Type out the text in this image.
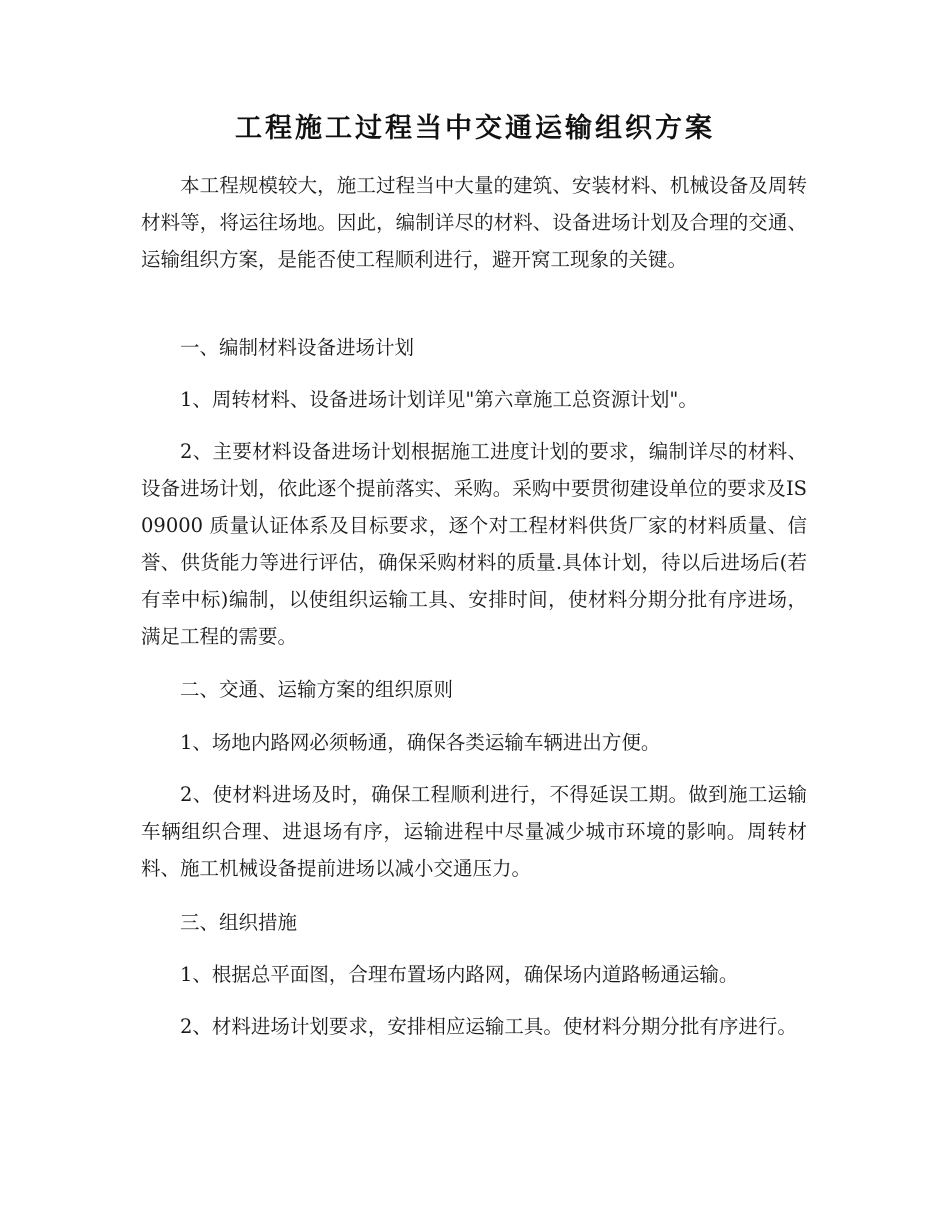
工程施工过程当中交通运输组织方案

本工程规模较大，施工过程当中大量的建筑、安装材料、机械设备及周转材料等，将运往场地。因此，编制详尽的材料、设备进场计划及合理的交通、运输组织方案，是能否使工程顺利进行，避开窝工现象的关键。

一、编制材料设备进场计划

1、周转材料、设备进场计划详见"第六章施工总资源计划"。

2、主要材料设备进场计划根据施工进度计划的要求，编制详尽的材料、设备进场计划，依此逐个提前落实、采购。采购中要贯彻建设单位的要求及IS09000 质量认证体系及目标要求，逐个对工程材料供货厂家的材料质量、信誉、供货能力等进行评估，确保采购材料的质量.具体计划，待以后进场后(若有幸中标)编制，以使组织运输工具、安排时间，使材料分期分批有序进场，满足工程的需要。

二、交通、运输方案的组织原则

1、场地内路网必须畅通，确保各类运输车辆进出方便。

2、使材料进场及时，确保工程顺利进行，不得延误工期。做到施工运输车辆组织合理、进退场有序，运输进程中尽量减少城市环境的影响。周转材料、施工机械设备提前进场以减小交通压力。

三、组织措施

1、根据总平面图，合理布置场内路网，确保场内道路畅通运输。

2、材料进场计划要求，安排相应运输工具。使材料分期分批有序进行。
